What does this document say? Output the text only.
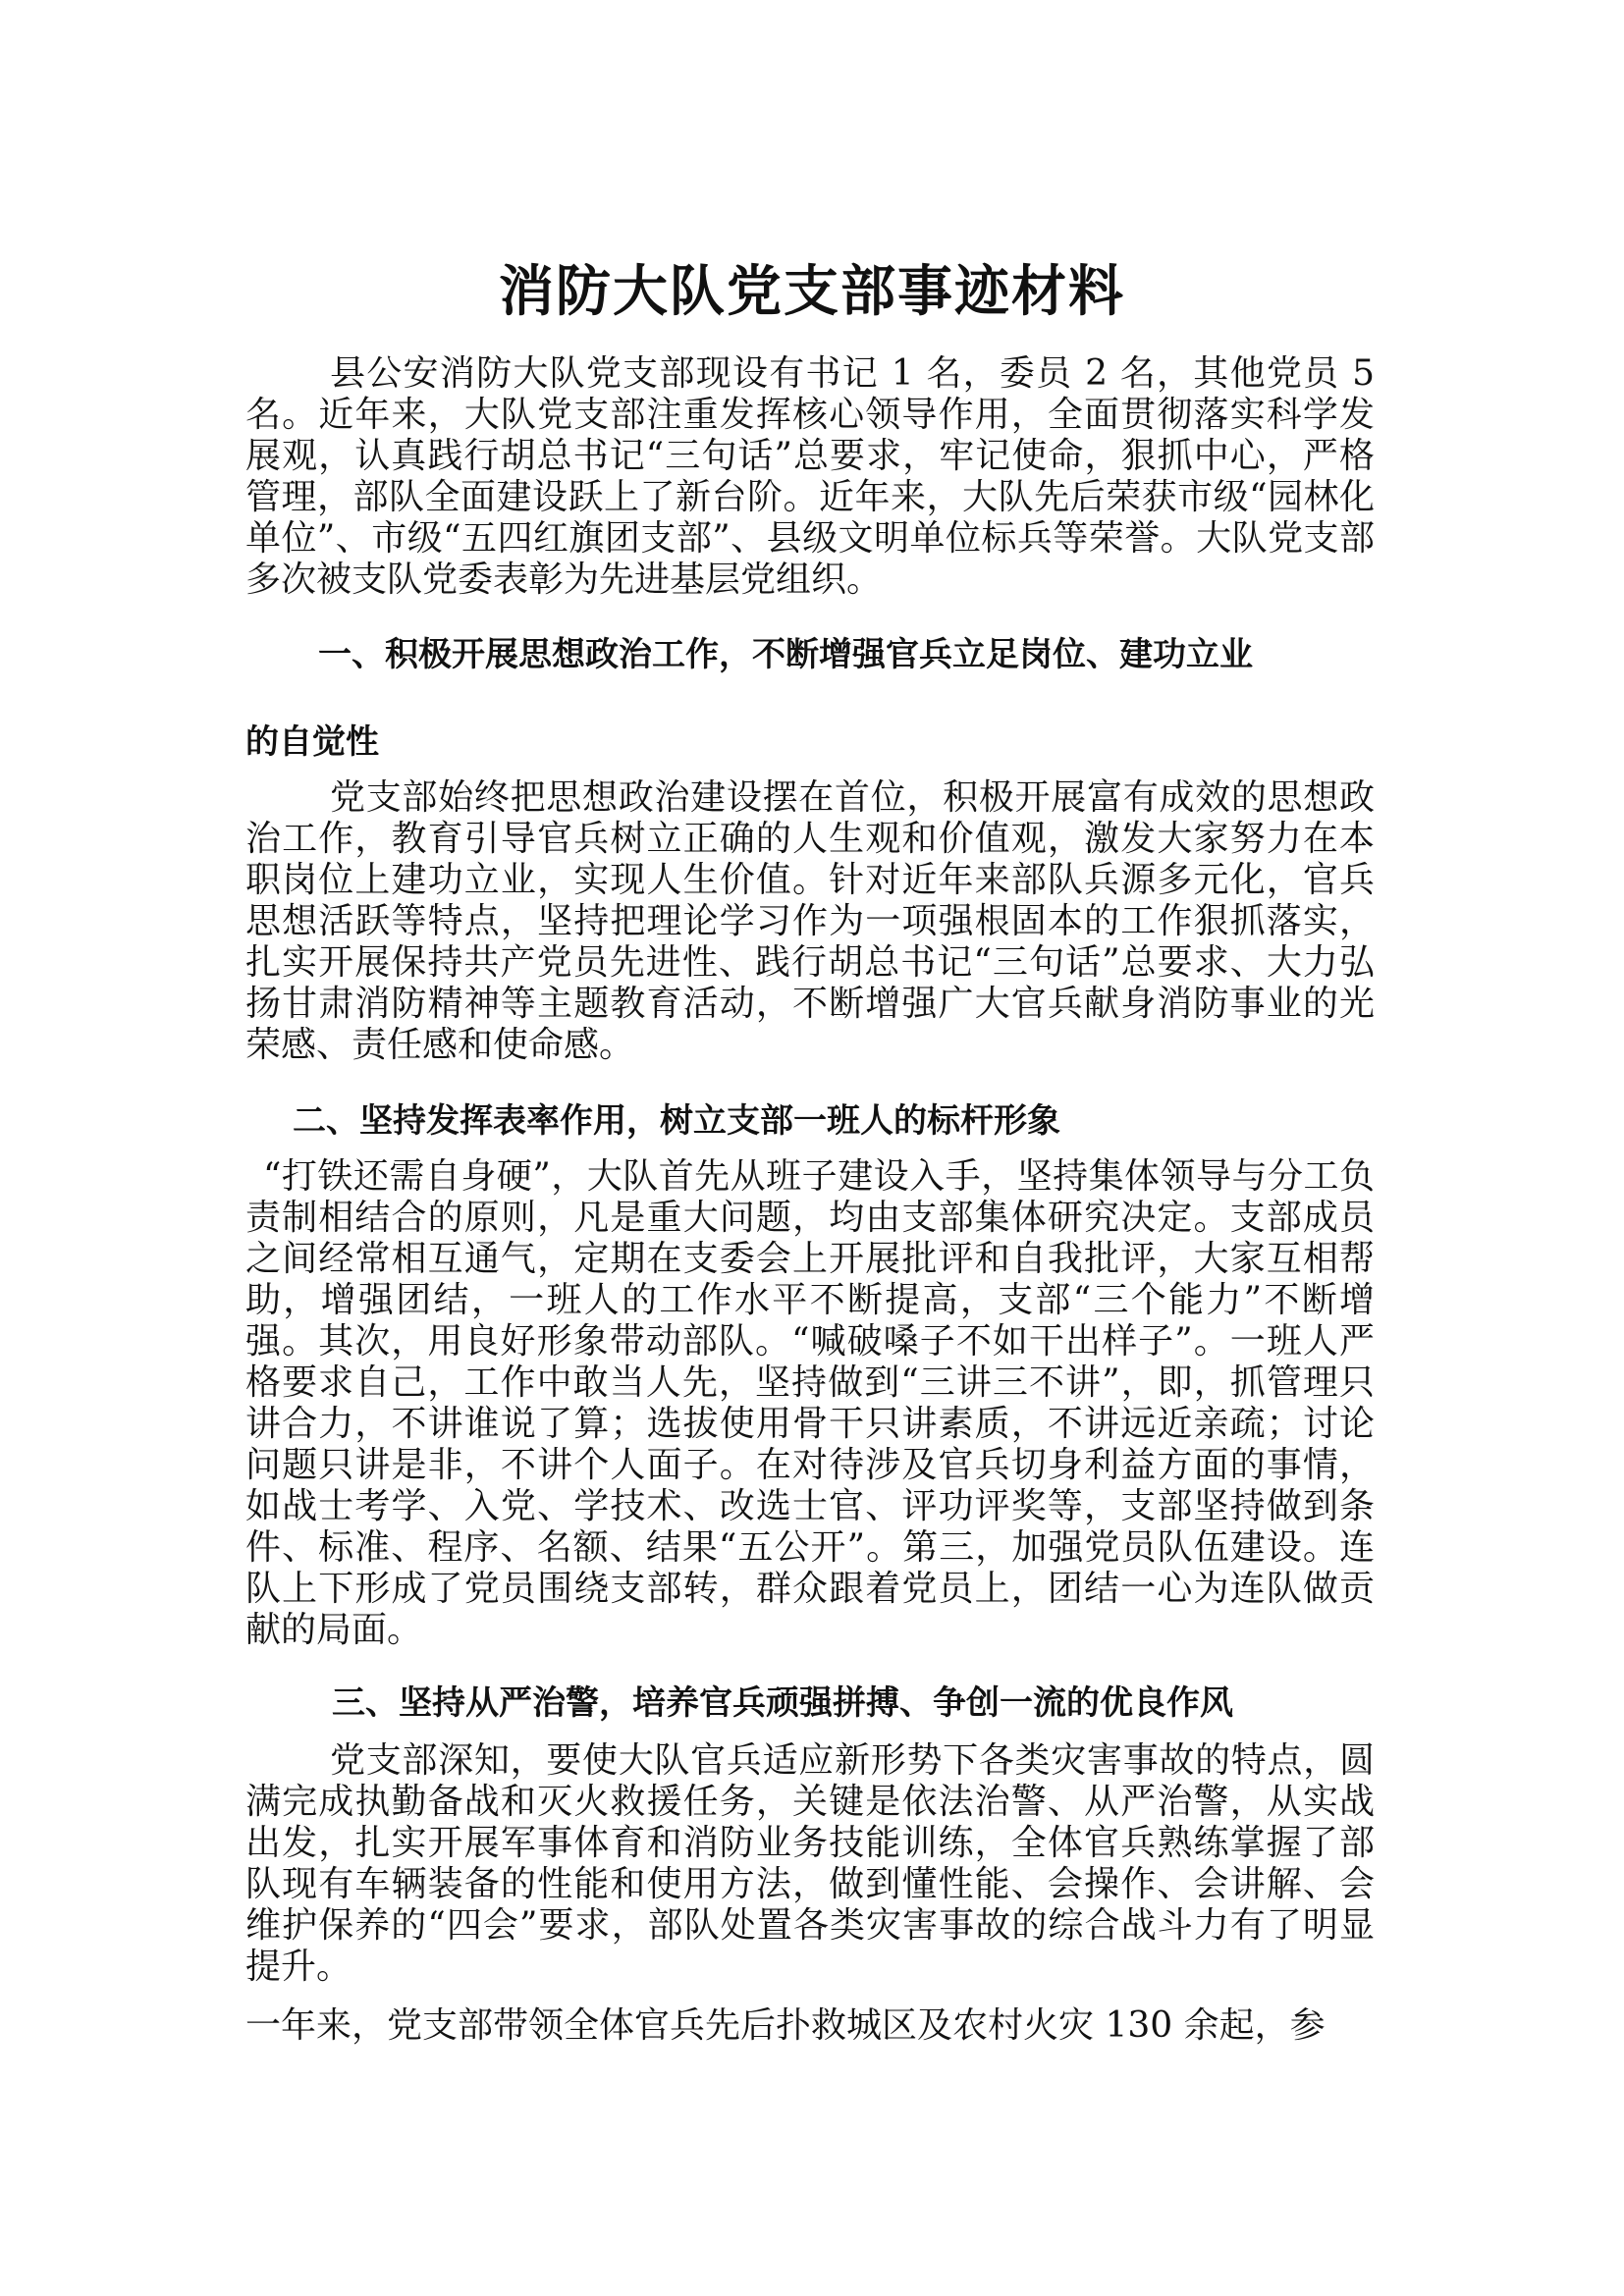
消防大队党支部事迹材料

县公安消防大队党支部现设有书记 1 名，委员 2 名，其他党员 5 名。近年来，大队党支部注重发挥核心领导作用，全面贯彻落实科学发展观，认真践行胡总书记“三句话”总要求，牢记使命，狠抓中心，严格管理，部队全面建设跃上了新台阶。近年来，大队先后荣获市级“园林化单位”、市级“五四红旗团支部”、县级文明单位标兵等荣誉。大队党支部多次被支队党委表彰为先进基层党组织。

一、积极开展思想政治工作，不断增强官兵立足岗位、建功立业
的自觉性

党支部始终把思想政治建设摆在首位，积极开展富有成效的思想政治工作，教育引导官兵树立正确的人生观和价值观，激发大家努力在本职岗位上建功立业，实现人生价值。针对近年来部队兵源多元化，官兵思想活跃等特点，坚持把理论学习作为一项强根固本的工作狠抓落实，扎实开展保持共产党员先进性、践行胡总书记“三句话”总要求、大力弘扬甘肃消防精神等主题教育活动，不断增强广大官兵献身消防事业的光荣感、责任感和使命感。

二、坚持发挥表率作用，树立支部一班人的标杆形象

“打铁还需自身硬”，大队首先从班子建设入手，坚持集体领导与分工负责制相结合的原则，凡是重大问题，均由支部集体研究决定。支部成员之间经常相互通气，定期在支委会上开展批评和自我批评，大家互相帮助，增强团结，一班人的工作水平不断提高，支部“三个能力”不断增强。其次，用良好形象带动部队。“喊破嗓子不如干出样子”。一班人严格要求自己，工作中敢当人先，坚持做到“三讲三不讲”，即，抓管理只讲合力，不讲谁说了算；选拔使用骨干只讲素质，不讲远近亲疏；讨论问题只讲是非，不讲个人面子。在对待涉及官兵切身利益方面的事情，如战士考学、入党、学技术、改选士官、评功评奖等，支部坚持做到条件、标准、程序、名额、结果“五公开”。第三，加强党员队伍建设。连队上下形成了党员围绕支部转，群众跟着党员上，团结一心为连队做贡献的局面。

三、坚持从严治警，培养官兵顽强拼搏、争创一流的优良作风

党支部深知，要使大队官兵适应新形势下各类灾害事故的特点，圆满完成执勤备战和灭火救援任务，关键是依法治警、从严治警，从实战出发，扎实开展军事体育和消防业务技能训练，全体官兵熟练掌握了部队现有车辆装备的性能和使用方法，做到懂性能、会操作、会讲解、会维护保养的“四会”要求，部队处置各类灾害事故的综合战斗力有了明显提升。

一年来，党支部带领全体官兵先后扑救城区及农村火灾 130 余起，参
